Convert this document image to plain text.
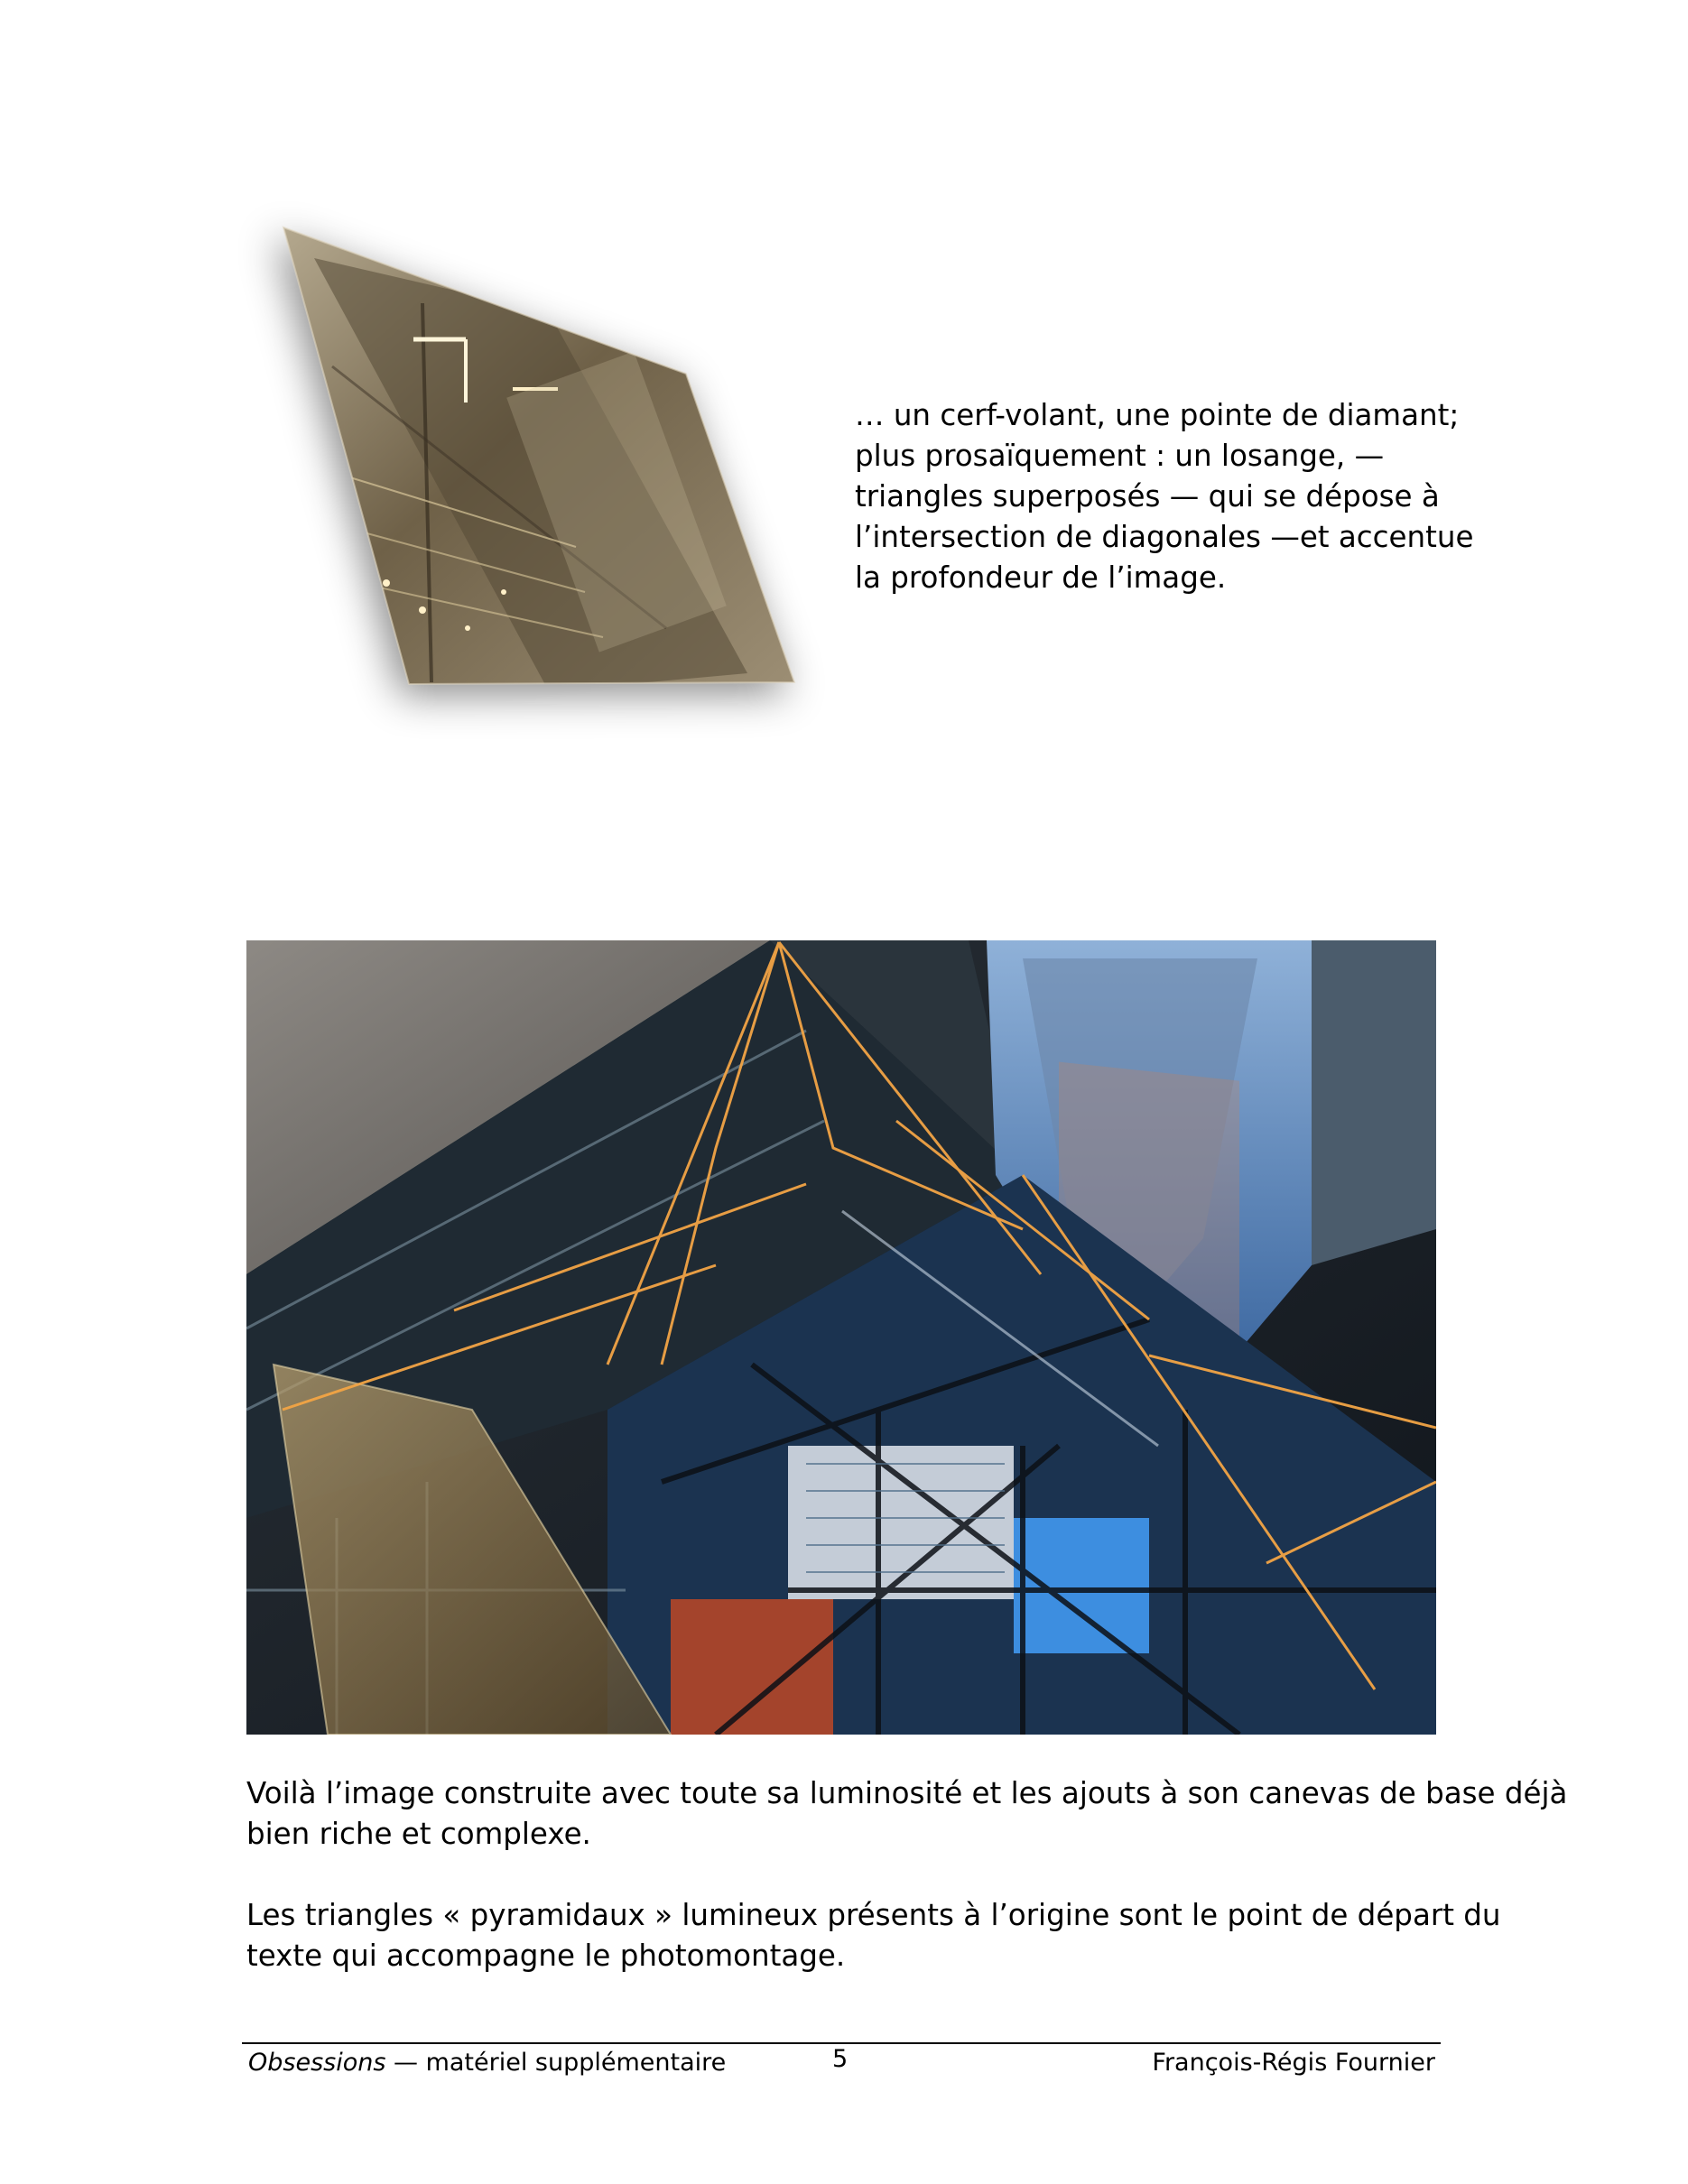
… un cerf-volant, une pointe de diamant;
plus prosaïquement : un losange, —
triangles superposés — qui se dépose à
l’intersection de diagonales —et accentue
la profondeur de l’image.
Voilà l’image construite avec toute sa luminosité et les ajouts à son canevas de base déjà
bien riche et complexe.
Les triangles « pyramidaux » lumineux présents à l’origine sont le point de départ du
texte qui accompagne le photomontage.
Obsessions — matériel supplémentaire	5	François-Régis Fournier
